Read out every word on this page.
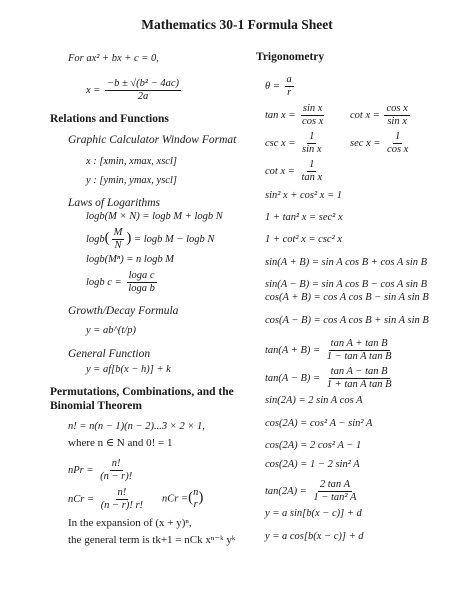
Mathematics 30-1 Formula Sheet
For ax² + bx + c = 0,
$x = \frac{\text{−b ± √(b² − 4ac)}}{2a}$
Relations and Functions
Graphic Calculator Window Format
x : [xmin, xmax, xscl]
y : [ymin, ymax, yscl]
Laws of Logarithms
logb(M × N) = logb M + logb N
$\log b( \frac{M}{N}$ ) = logb M − logb N
logb(Mⁿ) = n logb M
logb $c = \frac{\text{loga c}}{\text{loga b}}$
Growth/Decay Formula
y = ab^(t/p)
General Function
y = af[b(x − h)] + k
Permutations, Combinations, and the
Binomial Theorem
n! = n(n − 1)(n − 2)...3 × 2 × 1,
where n ∈ N and 0! = 1
nPr = $\frac{n!}{(n - r)!}$
nCr = $\frac{n!}{(n - r)! r!}$ nCr =( n
r )
In the expansion of (x + y)ⁿ,
the general term is tk+1 = nCk xⁿ⁻ᵏ yᵏ
Trigonometry
$\theta = \frac{a}{r}$
$\tan x = \frac{\text{sin x}}{\text{cos x}}$ $\cot x = \frac{\text{cos x}}{\text{sin x}}$
$\csc x = \frac{1}{\text{sin x}}$	$\sec x = \frac{1}{\text{cos x}}$
$\cot x = \frac{1}{\text{tan x}}$
sin² x + cos² x = 1
1 + tan² x = sec² x
1 + cot² x = csc² x
sin(A + B) = sin A cos B + cos A sin B
sin(A − B) = sin A cos B − cos A sin B
cos(A + B) = cos A cos B − sin A sin B
cos(A − B) = cos A cos B + sin A sin B
$\tan(A + B) = \frac{\text{tan A + tan B}}{\text{1 − tan A tan B}}$
$\tan(A - B) = \frac{\text{tan A − tan B}}{\text{1 + tan A tan B}}$
sin(2A) = 2 sin A cos A
cos(2A) = cos² A − sin² A
cos(2A) = 2 cos² A − 1
cos(2A) = 1 − 2 sin² A
$\tan(2A) = \frac{\text{2 tan A}}{\text{1 − tan² A}}$
y = a sin[b(x − c)] + d
y = a cos[b(x − c)] + d
